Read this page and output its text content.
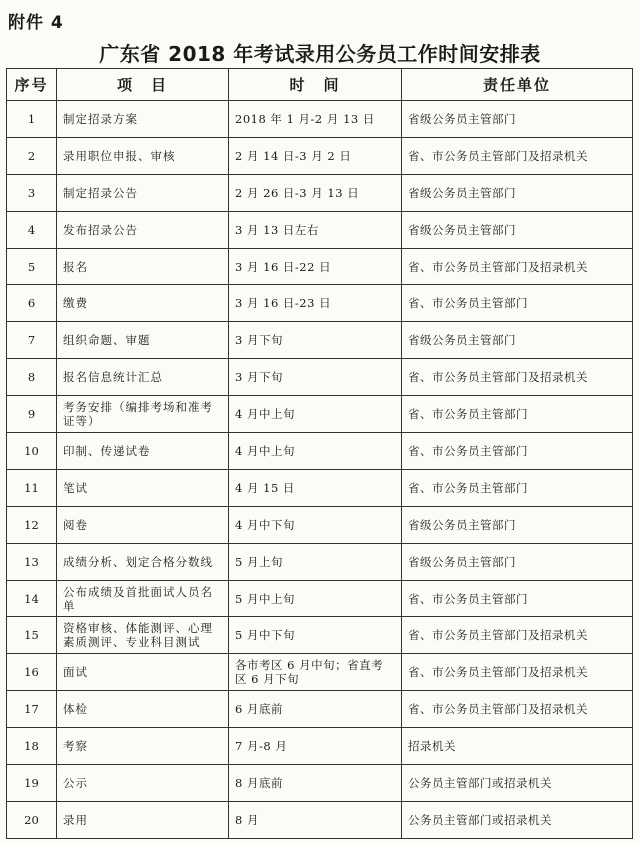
附件 4
广东省 2018 年考试录用公务员工作时间安排表
序号	项　目	时　间	责任单位
1	制定招录方案	2018 年 1 月-2 月 13 日	省级公务员主管部门
2	录用职位申报、审核	2 月 14 日-3 月 2 日	省、市公务员主管部门及招录机关
3	制定招录公告	2 月 26 日-3 月 13 日	省级公务员主管部门
4	发布招录公告	3 月 13 日左右	省级公务员主管部门
5	报名	3 月 16 日-22 日	省、市公务员主管部门及招录机关
6	缴费	3 月 16 日-23 日	省、市公务员主管部门
7	组织命题、审题	3 月下旬	省级公务员主管部门
8	报名信息统计汇总	3 月下旬	省、市公务员主管部门及招录机关
9	考务安排（编排考场和准考证等）	4 月中上旬	省、市公务员主管部门
10	印制、传递试卷	4 月中上旬	省、市公务员主管部门
11	笔试	4 月 15 日	省、市公务员主管部门
12	阅卷	4 月中下旬	省级公务员主管部门
13	成绩分析、划定合格分数线	5 月上旬	省级公务员主管部门
14	公布成绩及首批面试人员名单	5 月中上旬	省、市公务员主管部门
15	资格审核、体能测评、心理素质测评、专业科目测试	5 月中下旬	省、市公务员主管部门及招录机关
16	面试	各市考区 6 月中旬；省直考区 6 月下旬	省、市公务员主管部门及招录机关
17	体检	6 月底前	省、市公务员主管部门及招录机关
18	考察	7 月-8 月	招录机关
19	公示	8 月底前	公务员主管部门或招录机关
20	录用	8 月	公务员主管部门或招录机关
